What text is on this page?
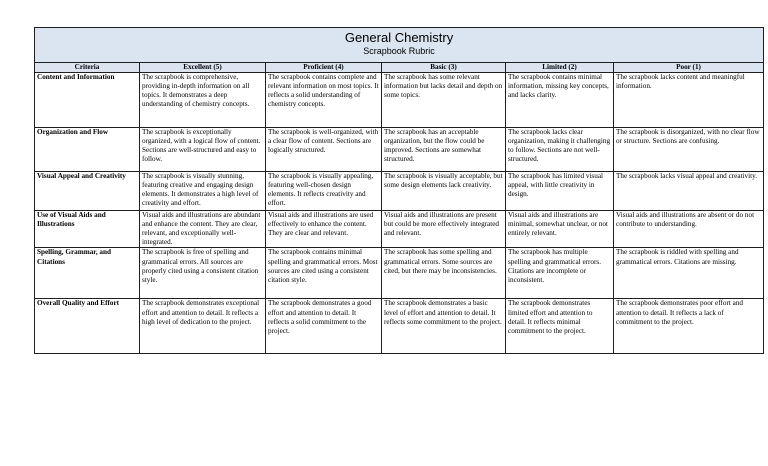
General Chemistry
Scrapbook Rubric					

Criteria	Excellent (5)	Proficient (4)	Basic (3)	Limited (2)	Poor (1)
Content and Information	The scrapbook is comprehensive, providing in-depth information on all topics. It demonstrates a deep understanding of chemistry concepts.	The scrapbook contains complete and relevant information on most topics. It reflects a solid understanding of chemistry concepts.	The scrapbook has some relevant information but lacks detail and depth on some topics.	The scrapbook contains minimal information, missing key concepts, and lacks clarity.	The scrapbook lacks content and meaningful information.
Organization and Flow	The scrapbook is exceptionally organized, with a logical flow of content. Sections are well-structured and easy to follow.	The scrapbook is well-organized, with a clear flow of content. Sections are logically structured.	The scrapbook has an acceptable organization, but the flow could be improved. Sections are somewhat structured.	The scrapbook lacks clear organization, making it challenging to follow. Sections are not well-structured.	The scrapbook is disorganized, with no clear flow or structure. Sections are confusing.
Visual Appeal and Creativity	The scrapbook is visually stunning, featuring creative and engaging design elements. It demonstrates a high level of creativity and effort.	The scrapbook is visually appealing, featuring well-chosen design elements. It reflects creativity and effort.	The scrapbook is visually acceptable, but some design elements lack creativity.	The scrapbook has limited visual appeal, with little creativity in design.	The scrapbook lacks visual appeal and creativity.
Use of Visual Aids and Illustrations	Visual aids and illustrations are abundant and enhance the content. They are clear, relevant, and exceptionally well-integrated.	Visual aids and illustrations are used effectively to enhance the content. They are clear and relevant.	Visual aids and illustrations are present but could be more effectively integrated and relevant.	Visual aids and illustrations are minimal, somewhat unclear, or not entirely relevant.	Visual aids and illustrations are absent or do not contribute to understanding.
Spelling, Grammar, and Citations	The scrapbook is free of spelling and grammatical errors. All sources are properly cited using a consistent citation style.	The scrapbook contains minimal spelling and grammatical errors. Most sources are cited using a consistent citation style.	The scrapbook has some spelling and grammatical errors. Some sources are cited, but there may be inconsistencies.	The scrapbook has multiple spelling and grammatical errors. Citations are incomplete or inconsistent.	The scrapbook is riddled with spelling and grammatical errors. Citations are missing.
Overall Quality and Effort	The scrapbook demonstrates exceptional effort and attention to detail. It reflects a high level of dedication to the project.	The scrapbook demonstrates a good effort and attention to detail. It reflects a solid commitment to the project.	The scrapbook demonstrates a basic level of effort and attention to detail. It reflects some commitment to the project.	The scrapbook demonstrates limited effort and attention to detail. It reflects minimal commitment to the project.	The scrapbook demonstrates poor effort and attention to detail. It reflects a lack of commitment to the project.
